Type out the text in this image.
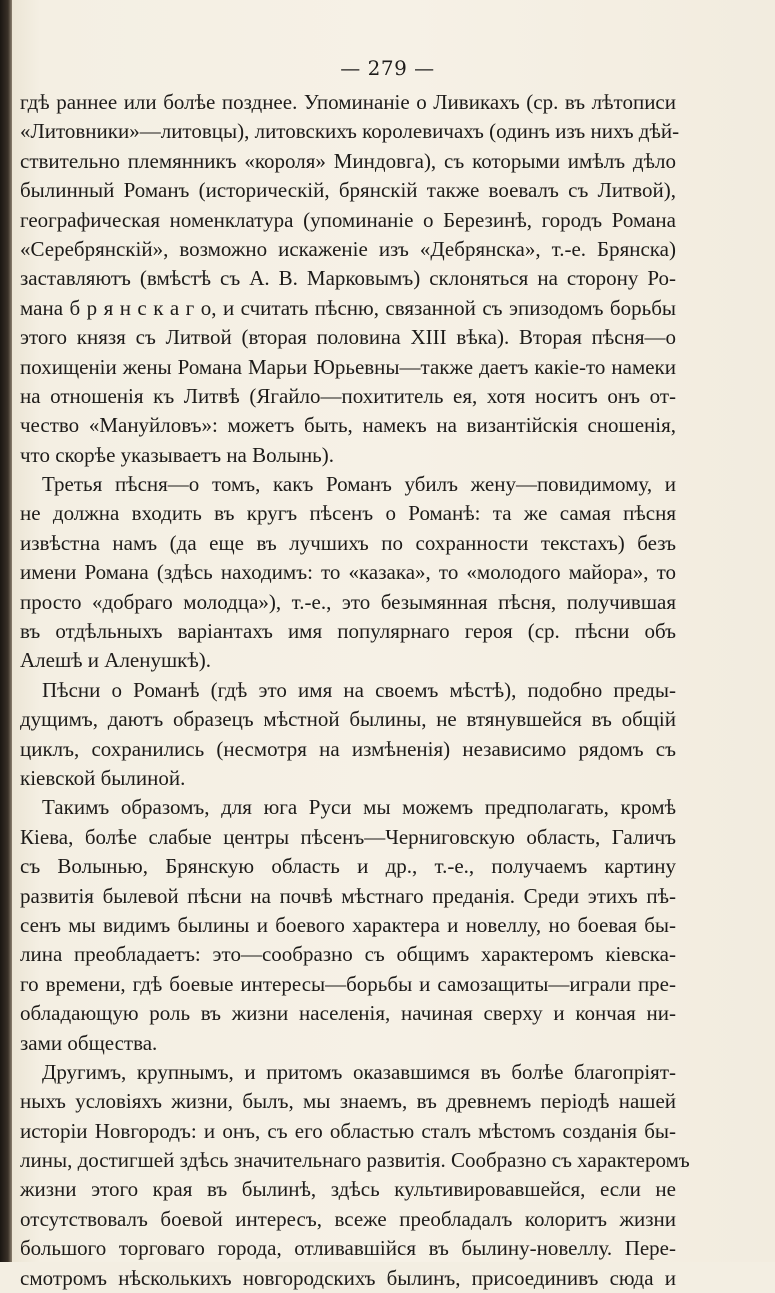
— 279 —
гдѣ раннее или болѣе позднее. Упоминаніе о Ливикахъ (ср. въ лѣтописи
«Литовники»—литовцы), литовскихъ королевичахъ (одинъ изъ нихъ дѣй-
ствительно племянникъ «короля» Миндовга), съ которыми имѣлъ дѣло
былинный Романъ (историческій, брянскій также воевалъ съ Литвой),
географическая номенклатура (упоминаніе о Березинѣ, городъ Романа
«Серебрянскій», возможно искаженіе изъ «Дебрянска», т.-е. Брянска)
заставляютъ (вмѣстѣ съ А. В. Марковымъ) склоняться на сторону Ро-
мана б р я н с к а г о, и считать пѣсню, связанной съ эпизодомъ борьбы
этого князя съ Литвой (вторая половина XIII вѣка). Вторая пѣсня—о
похищеніи жены Романа Марьи Юрьевны—также даетъ какіе-то намеки
на отношенія къ Литвѣ (Ягайло—похититель ея, хотя носитъ онъ от-
чество «Мануйловъ»: можетъ быть, намекъ на византійскія сношенія,
что скорѣе указываетъ на Волынь).
Третья пѣсня—о томъ, какъ Романъ убилъ жену—повидимому, и
не должна входить въ кругъ пѣсенъ о Романѣ: та же самая пѣсня
извѣстна намъ (да еще въ лучшихъ по сохранности текстахъ) безъ
имени Романа (здѣсь находимъ: то «казака», то «молодого майора», то
просто «добраго молодца»), т.-е., это безымянная пѣсня, получившая
въ отдѣльныхъ варіантахъ имя популярнаго героя (ср. пѣсни объ
Алешѣ и Аленушкѣ).
Пѣсни о Романѣ (гдѣ это имя на своемъ мѣстѣ), подобно преды-
дущимъ, даютъ образецъ мѣстной былины, не втянувшейся въ общій
циклъ, сохранились (несмотря на измѣненія) независимо рядомъ съ
кіевской былиной.
Такимъ образомъ, для юга Руси мы можемъ предполагать, кромѣ
Кіева, болѣе слабые центры пѣсенъ—Черниговскую область, Галичъ
съ Волынью, Брянскую область и др., т.-е., получаемъ картину
развитія былевой пѣсни на почвѣ мѣстнаго преданія. Среди этихъ пѣ-
сенъ мы видимъ былины и боевого характера и новеллу, но боевая бы-
лина преобладаетъ: это—сообразно съ общимъ характеромъ кіевска-
го времени, гдѣ боевые интересы—борьбы и самозащиты—играли пре-
обладающую роль въ жизни населенія, начиная сверху и кончая ни-
зами общества.
Другимъ, крупнымъ, и притомъ оказавшимся въ болѣе благопріят-
ныхъ условіяхъ жизни, былъ, мы знаемъ, въ древнемъ періодѣ нашей
исторіи Новгородъ: и онъ, съ его областью сталъ мѣстомъ созданія бы-
лины, достигшей здѣсь значительнаго развитія. Сообразно съ характеромъ
жизни этого края въ былинѣ, здѣсь культивировавшейся, если не
отсутствовалъ боевой интересъ, всеже преобладалъ колоритъ жизни
большого торговаго города, отливавшійся въ былину-новеллу. Пере-
смотромъ нѣсколькихъ новгородскихъ былинъ, присоединивъ сюда и
